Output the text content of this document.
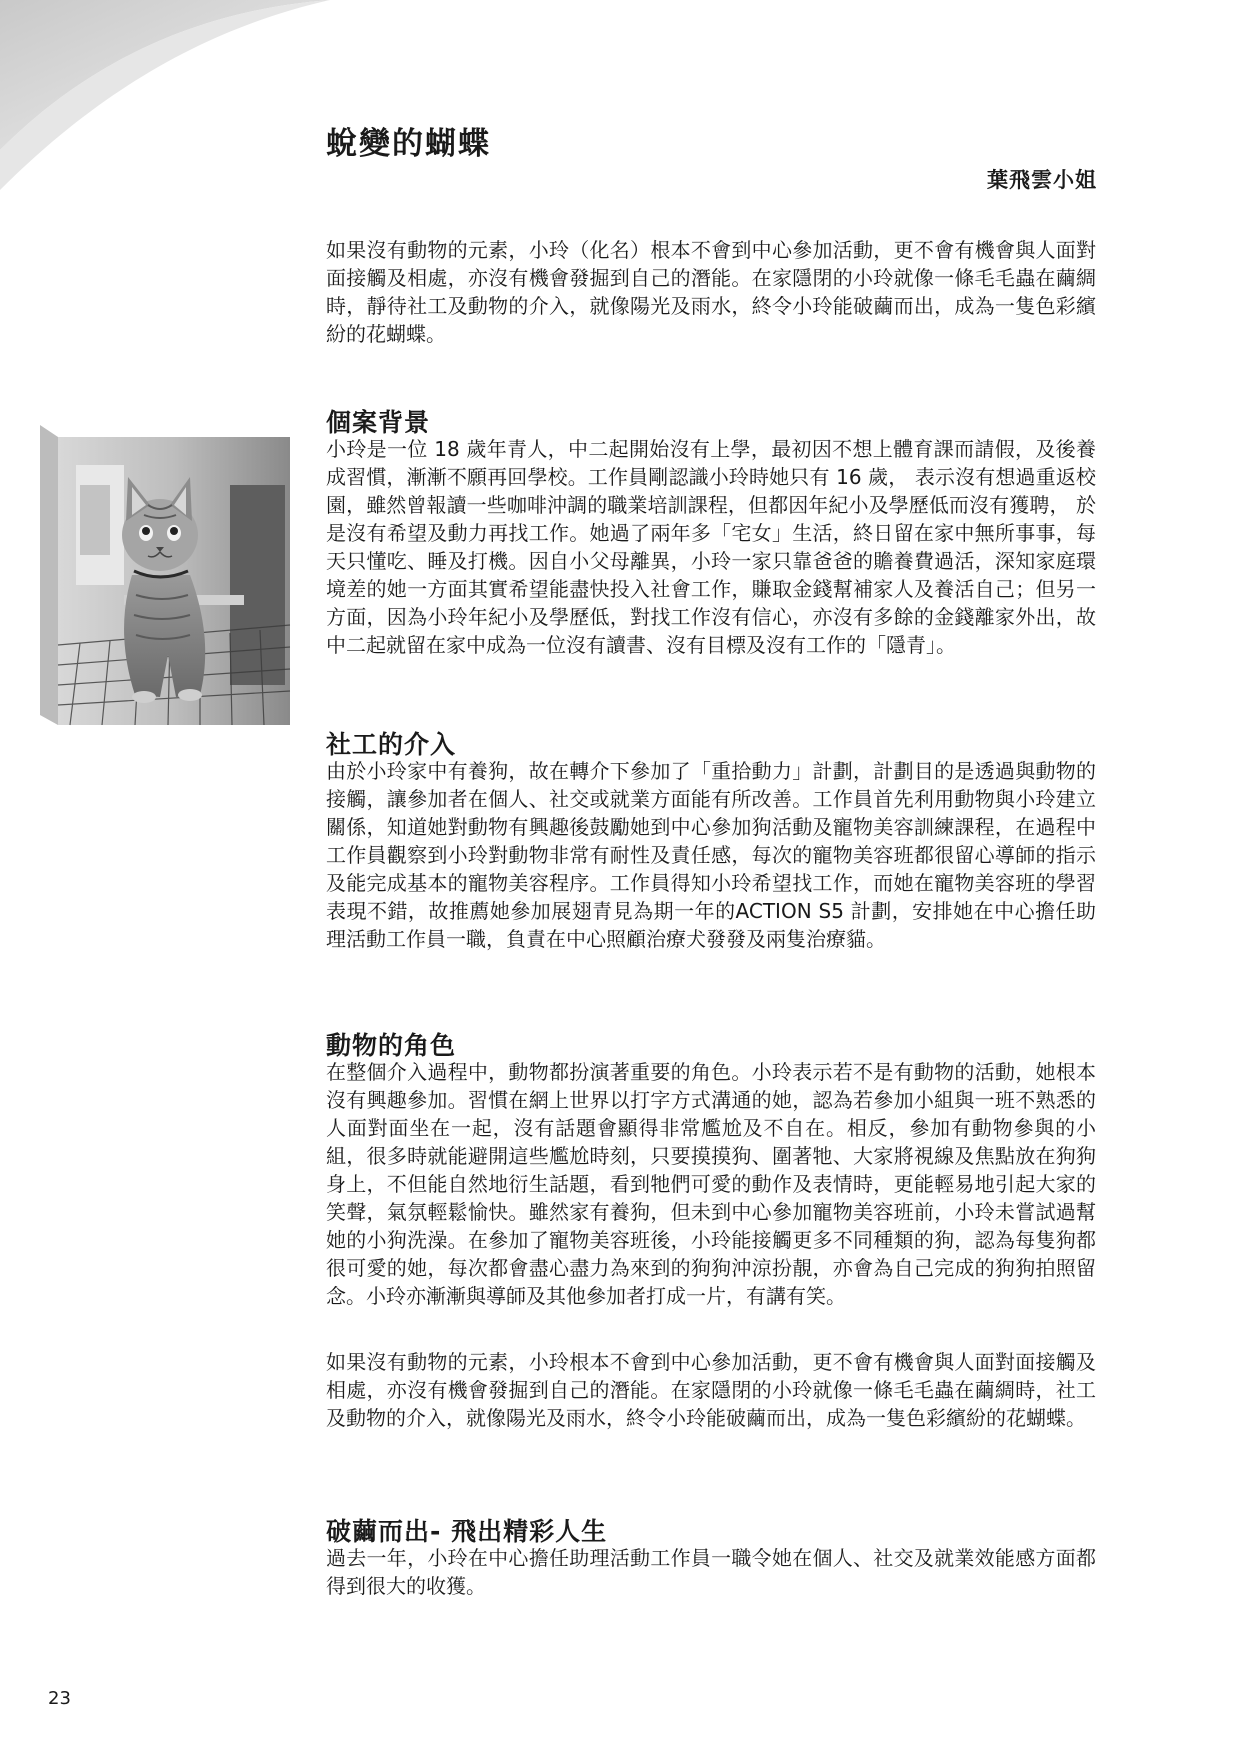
蛻變的蝴蝶
葉飛雲小姐

如果沒有動物的元素，小玲（化名）根本不會到中心參加活動，更不會有機會與人面對面接觸及相處，亦沒有機會發掘到自己的潛能。在家隱閉的小玲就像一條毛毛蟲在繭綢時，靜待社工及動物的介入，就像陽光及雨水，終令小玲能破繭而出，成為一隻色彩繽紛的花蝴蝶。

個案背景

小玲是一位 18 歲年青人，中二起開始沒有上學，最初因不想上體育課而請假，及後養成習慣，漸漸不願再回學校。工作員剛認識小玲時她只有 16 歲， 表示沒有想過重返校園，雖然曾報讀一些咖啡沖調的職業培訓課程，但都因年紀小及學歷低而沒有獲聘， 於是沒有希望及動力再找工作。她過了兩年多「宅女」生活，終日留在家中無所事事，每天只懂吃、睡及打機。因自小父母離異，小玲一家只靠爸爸的贍養費過活，深知家庭環境差的她一方面其實希望能盡快投入社會工作，賺取金錢幫補家人及養活自己；但另一方面，因為小玲年紀小及學歷低，對找工作沒有信心，亦沒有多餘的金錢離家外出，故中二起就留在家中成為一位沒有讀書、沒有目標及沒有工作的「隱青」。

社工的介入

由於小玲家中有養狗，故在轉介下參加了「重拾動力」計劃，計劃目的是透過與動物的接觸，讓參加者在個人、社交或就業方面能有所改善。工作員首先利用動物與小玲建立關係，知道她對動物有興趣後鼓勵她到中心參加狗活動及寵物美容訓練課程，在過程中工作員觀察到小玲對動物非常有耐性及責任感，每次的寵物美容班都很留心導師的指示及能完成基本的寵物美容程序。工作員得知小玲希望找工作，而她在寵物美容班的學習表現不錯，故推薦她參加展翅青見為期一年的ACTION S5 計劃，安排她在中心擔任助理活動工作員一職，負責在中心照顧治療犬發發及兩隻治療貓。

動物的角色

在整個介入過程中，動物都扮演著重要的角色。小玲表示若不是有動物的活動，她根本沒有興趣參加。習慣在網上世界以打字方式溝通的她，認為若參加小組與一班不熟悉的人面對面坐在一起，沒有話題會顯得非常尷尬及不自在。相反，參加有動物參與的小組，很多時就能避開這些尷尬時刻，只要摸摸狗、圍著牠、大家將視線及焦點放在狗狗身上，不但能自然地衍生話題，看到牠們可愛的動作及表情時，更能輕易地引起大家的笑聲，氣氛輕鬆愉快。雖然家有養狗，但未到中心參加寵物美容班前，小玲未嘗試過幫她的小狗洗澡。在參加了寵物美容班後，小玲能接觸更多不同種類的狗，認為每隻狗都很可愛的她，每次都會盡心盡力為來到的狗狗沖涼扮靚，亦會為自己完成的狗狗拍照留念。小玲亦漸漸與導師及其他參加者打成一片，有講有笑。

如果沒有動物的元素，小玲根本不會到中心參加活動，更不會有機會與人面對面接觸及相處，亦沒有機會發掘到自己的潛能。在家隱閉的小玲就像一條毛毛蟲在繭綢時，社工及動物的介入，就像陽光及雨水，終令小玲能破繭而出，成為一隻色彩繽紛的花蝴蝶。

破繭而出- 飛出精彩人生

過去一年，小玲在中心擔任助理活動工作員一職令她在個人、社交及就業效能感方面都得到很大的收獲。

23
